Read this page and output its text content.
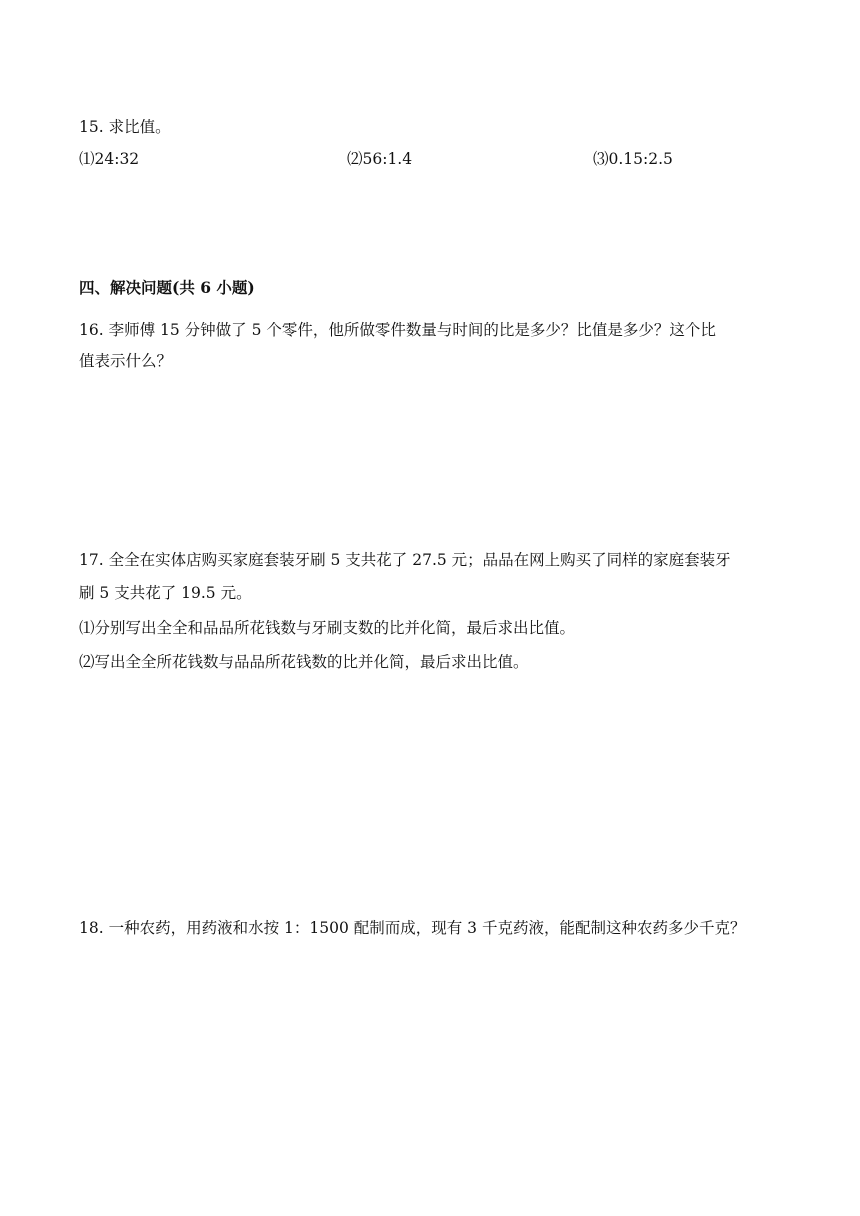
15. 求比值。
⑴24:32	⑵56:1.4	⑶0.15:2.5
四、解决问题(共 6 小题)
16. 李师傅 15 分钟做了 5 个零件，他所做零件数量与时间的比是多少？比值是多少？这个比
值表示什么？
17. 全全在实体店购买家庭套装牙刷 5 支共花了 27.5 元；品品在网上购买了同样的家庭套装牙
刷 5 支共花了 19.5 元。
⑴分别写出全全和品品所花钱数与牙刷支数的比并化简，最后求出比值。
⑵写出全全所花钱数与品品所花钱数的比并化简，最后求出比值。
18. 一种农药，用药液和水按 1：1500 配制而成，现有 3 千克药液，能配制这种农药多少千克？
